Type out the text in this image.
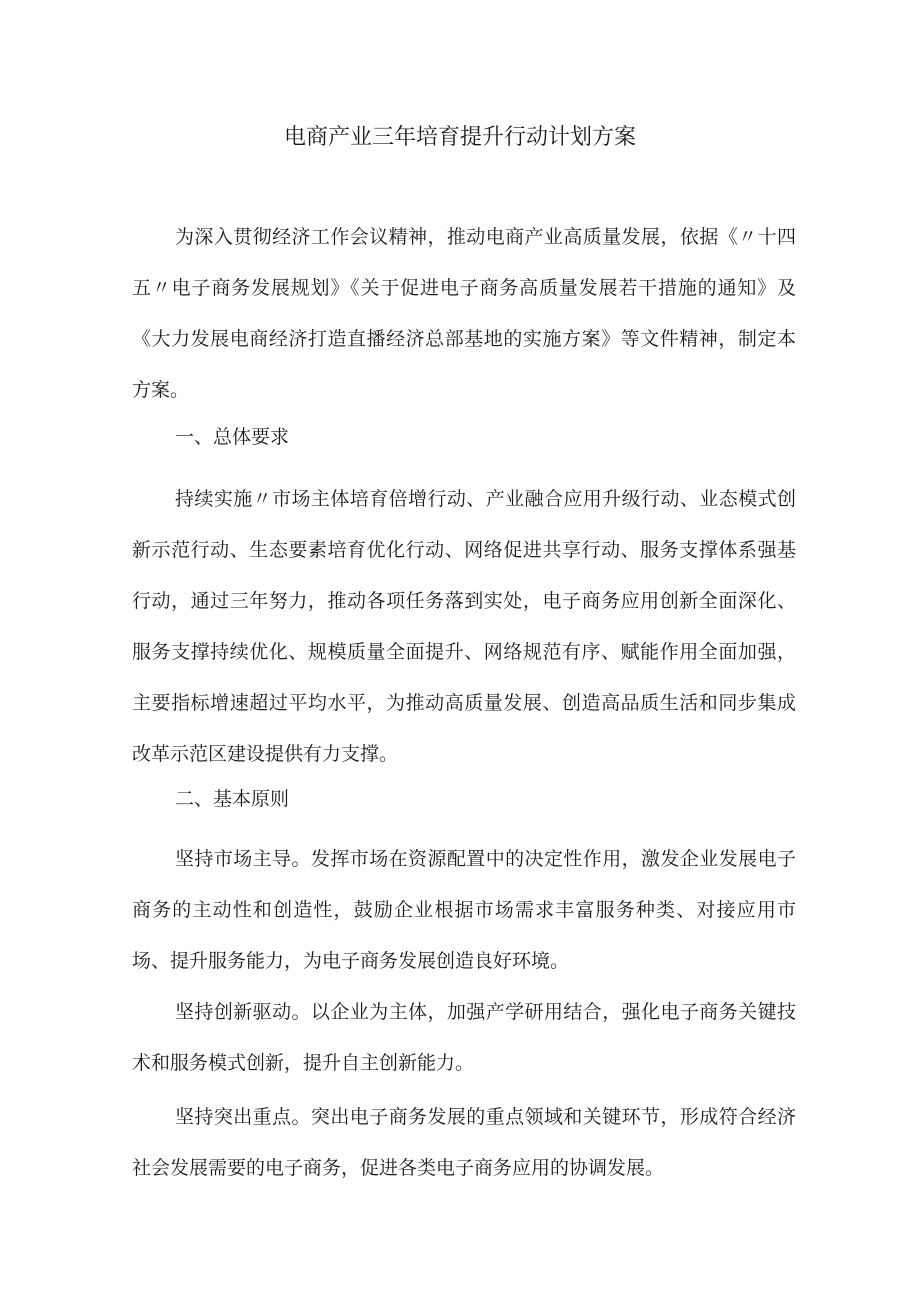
电商产业三年培育提升行动计划方案
为深入贯彻经济工作会议精神，推动电商产业高质量发展，依据《〃十四五〃电子商务发展规划》《关于促进电子商务高质量发展若干措施的通知》及《大力发展电商经济打造直播经济总部基地的实施方案》等文件精神，制定本方案。
一、总体要求
持续实施〃市场主体培育倍增行动、产业融合应用升级行动、业态模式创新示范行动、生态要素培育优化行动、网络促进共享行动、服务支撑体系强基行动，通过三年努力，推动各项任务落到实处，电子商务应用创新全面深化、服务支撑持续优化、规模质量全面提升、网络规范有序、赋能作用全面加强，主要指标增速超过平均水平，为推动高质量发展、创造高品质生活和同步集成改革示范区建设提供有力支撑。
二、基本原则
坚持市场主导。发挥市场在资源配置中的决定性作用，激发企业发展电子商务的主动性和创造性，鼓励企业根据市场需求丰富服务种类、对接应用市场、提升服务能力，为电子商务发展创造良好环境。
坚持创新驱动。以企业为主体，加强产学研用结合，强化电子商务关键技术和服务模式创新，提升自主创新能力。
坚持突出重点。突出电子商务发展的重点领域和关键环节，形成符合经济社会发展需要的电子商务，促进各类电子商务应用的协调发展。
